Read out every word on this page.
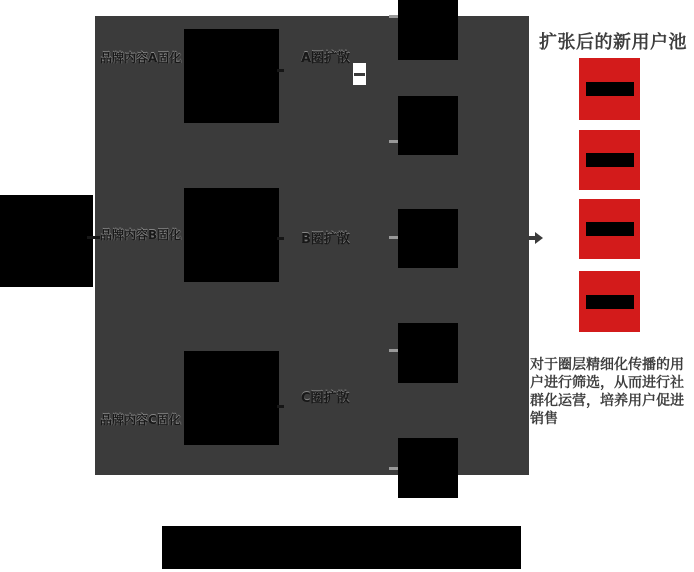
品牌内容A固化	A圈扩散
品牌内容B固化	B圈扩散
品牌内容C固化
C圈扩散
扩张后的新用户池
对于圈层精细化传播的用户进行筛选，从而进行社群化运营，培养用户促进销售
